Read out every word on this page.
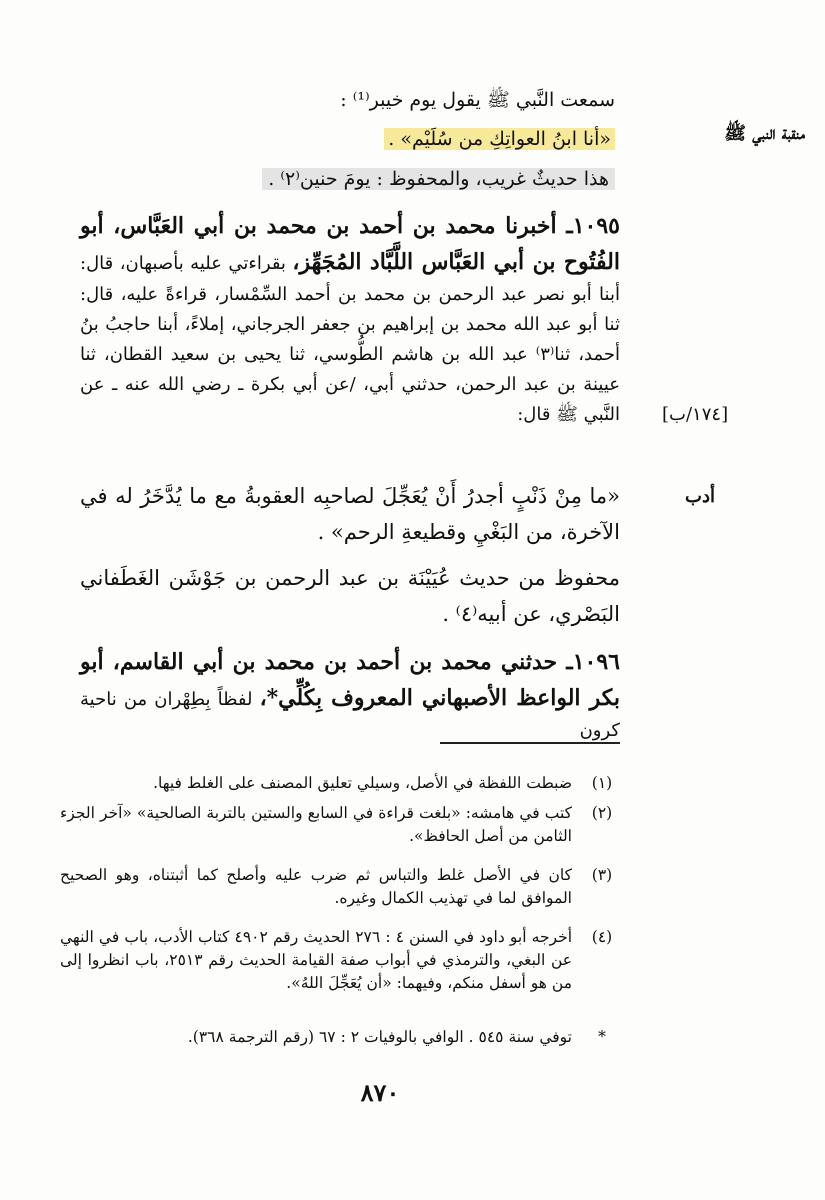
منقبة النبي ﷺ
[١٧٤/ب]
أدب
سمعت النَّبي ﷺ يقول يوم خيبر⁽¹⁾ :
«أنا ابنُ العواتِكِ من سُلَيْم» .
هذا حديثٌ غريب، والمحفوظ : يومَ حنين⁽٢⁾ .
١٠٩٥ـ أخبرنا محمد بن أحمد بن محمد بن أبي العَبَّاس، أبو الفُتُوح بن أبي العَبَّاس اللَّبَّاد المُجَهِّز، بقراءتي عليه بأصبهان، قال: أبنا أبو نصر عبد الرحمن بن محمد بن أحمد السِّمْسار، قراءةً عليه، قال: ثنا أبو عبد الله محمد بن إبراهيم بن جعفر الجرجاني، إملاءً، أبنا حاجبُ بنُ أحمد، ثنا⁽٣⁾ عبد الله بن هاشم الطُّوسي، ثنا يحيى بن سعيد القطان، ثنا عيينة بن عبد الرحمن، حدثني أبي، /عن أبي بكرة ـ رضي الله عنه ـ عن النَّبي ﷺ قال:
«ما مِنْ ذَنْبٍ أجدرُ أَنْ يُعَجِّلَ لصاحبِه العقوبةُ مع ما يُدَّخَرُ له في الآخرة، من البَغْيِ وقطيعةِ الرحم» .
محفوظ من حديث عُيَيْنَة بن عبد الرحمن بن جَوْشَن الغَطَفاني البَصْري، عن أبيه⁽٤⁾ .
١٠٩٦ـ حدثني محمد بن أحمد بن محمد بن أبي القاسم، أبو بكر الواعظ الأصبهاني المعروف بِكُلِّي*، لفظاً بِطِهْران من ناحية كرون
(١)
ضبطت اللفظة في الأصل، وسيلي تعليق المصنف على الغلط فيها.
(٢)
كتب في هامشه: «بلغت قراءة في السابع والستين بالتربة الصالحية» «آخر الجزء الثامن من أصل الحافظ».
(٣)
كان في الأصل غلط والتباس ثم ضرب عليه وأصلح كما أثبتناه، وهو الصحيح الموافق لما في تهذيب الكمال وغيره.
(٤)
أخرجه أبو داود في السنن ٤ : ٢٧٦ الحديث رقم ٤٩٠٢ كتاب الأدب، باب في النهي عن البغي، والترمذي في أبواب صفة القيامة الحديث رقم ٢٥١٣، باب انظروا إلى من هو أسفل منكم، وفيهما: «أن يُعَجِّلَ اللهُ».
*
توفي سنة ٥٤٥ . الوافي بالوفيات ٢ : ٦٧ (رقم الترجمة ٣٦٨).
٨٧٠
